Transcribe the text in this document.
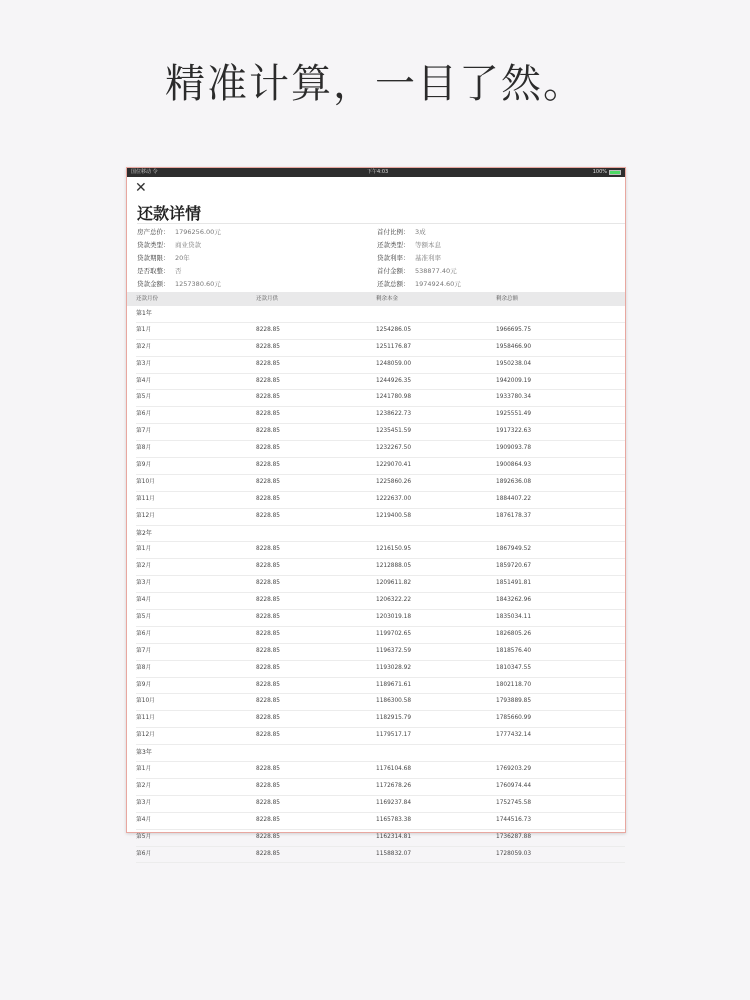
精准计算，一目了然。
国位移动 令	下午4:03	100%
✕
还款详情
房产总价： 1796256.00元	首付比例： 3成
贷款类型： 商业贷款	还款类型： 等额本息
贷款期限： 20年	贷款利率： 基准利率
是否取整： 否	首付金额： 538877.40元
贷款金额： 1257380.60元	还款总额： 1974924.60元
还款月份	还款月供	剩余本金	剩余总额
第1年
第1月	8228.85	1254286.05	1966695.75
第2月	8228.85	1251176.87	1958466.90
第3月	8228.85	1248059.00	1950238.04
第4月	8228.85	1244926.35	1942009.19
第5月	8228.85	1241780.98	1933780.34
第6月	8228.85	1238622.73	1925551.49
第7月	8228.85	1235451.59	1917322.63
第8月	8228.85	1232267.50	1909093.78
第9月	8228.85	1229070.41	1900864.93
第10月	8228.85	1225860.26	1892636.08
第11月	8228.85	1222637.00	1884407.22
第12月	8228.85	1219400.58	1876178.37
第2年
第1月	8228.85	1216150.95	1867949.52
第2月	8228.85	1212888.05	1859720.67
第3月	8228.85	1209611.82	1851491.81
第4月	8228.85	1206322.22	1843262.96
第5月	8228.85	1203019.18	1835034.11
第6月	8228.85	1199702.65	1826805.26
第7月	8228.85	1196372.59	1818576.40
第8月	8228.85	1193028.92	1810347.55
第9月	8228.85	1189671.61	1802118.70
第10月	8228.85	1186300.58	1793889.85
第11月	8228.85	1182915.79	1785660.99
第12月	8228.85	1179517.17	1777432.14
第3年
第1月	8228.85	1176104.68	1769203.29
第2月	8228.85	1172678.26	1760974.44
第3月	8228.85	1169237.84	1752745.58
第4月	8228.85	1165783.38	1744516.73
第5月	8228.85	1162314.81	1736287.88
第6月	8228.85	1158832.07	1728059.03
